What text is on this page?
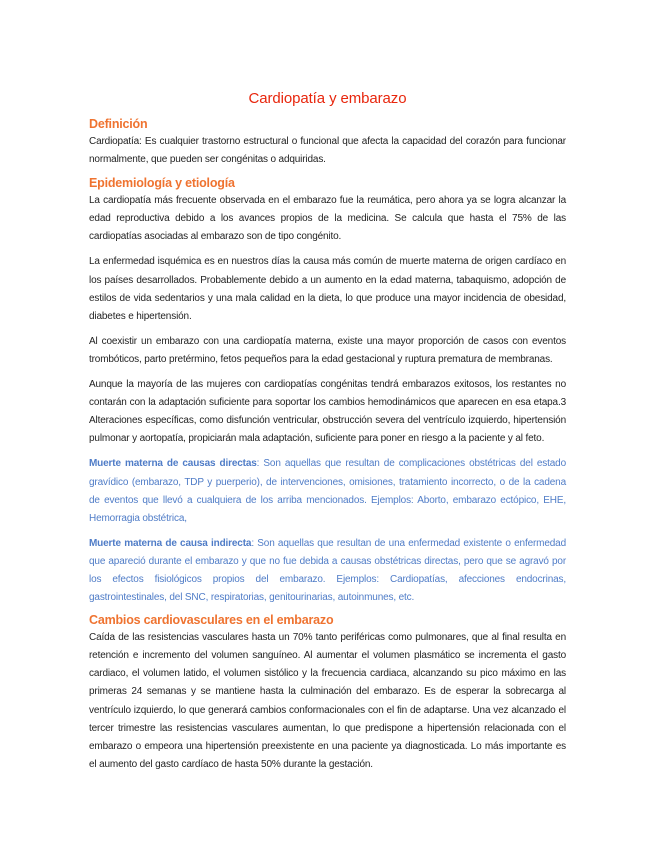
Cardiopatía y embarazo
Definición

Cardiopatía: Es cualquier trastorno estructural o funcional que afecta la capacidad del corazón para funcionar normalmente, que pueden ser congénitas o adquiridas.

Epidemiología y etiología

La cardiopatía más frecuente observada en el embarazo fue la reumática, pero ahora ya se logra alcanzar la edad reproductiva debido a los avances propios de la medicina. Se calcula que hasta el 75% de las cardiopatías asociadas al embarazo son de tipo congénito.

La enfermedad isquémica es en nuestros días la causa más común de muerte materna de origen cardíaco en los países desarrollados. Probablemente debido a un aumento en la edad materna, tabaquismo, adopción de estilos de vida sedentarios y una mala calidad en la dieta, lo que produce una mayor incidencia de obesidad, diabetes e hipertensión.

Al coexistir un embarazo con una cardiopatía materna, existe una mayor proporción de casos con eventos trombóticos, parto pretérmino, fetos pequeños para la edad gestacional y ruptura prematura de membranas.

Aunque la mayoría de las mujeres con cardiopatías congénitas tendrá embarazos exitosos, los restantes no contarán con la adaptación suficiente para soportar los cambios hemodinámicos que aparecen en esa etapa.3 Alteraciones específicas, como disfunción ventricular, obstrucción severa del ventrículo izquierdo, hipertensión pulmonar y aortopatía, propiciarán mala adaptación, suficiente para poner en riesgo a la paciente y al feto.

Muerte materna de causas directas: Son aquellas que resultan de complicaciones obstétricas del estado gravídico (embarazo, TDP y puerperio), de intervenciones, omisiones, tratamiento incorrecto, o de la cadena de eventos que llevó a cualquiera de los arriba mencionados. Ejemplos: Aborto, embarazo ectópico, EHE, Hemorragia obstétrica,

Muerte materna de causa indirecta: Son aquellas que resultan de una enfermedad existente o enfermedad que apareció durante el embarazo y que no fue debida a causas obstétricas directas, pero que se agravó por los efectos fisiológicos propios del embarazo. Ejemplos: Cardiopatías, afecciones endocrinas, gastrointestinales, del SNC, respiratorias, genitourinarias, autoinmunes, etc.

Cambios cardiovasculares en el embarazo

Caída de las resistencias vasculares hasta un 70% tanto periféricas como pulmonares, que al final resulta en retención e incremento del volumen sanguíneo. Al aumentar el volumen plasmático se incrementa el gasto cardiaco, el volumen latido, el volumen sistólico y la frecuencia cardiaca, alcanzando su pico máximo en las primeras 24 semanas y se mantiene hasta la culminación del embarazo. Es de esperar la sobrecarga al ventrículo izquierdo, lo que generará cambios conformacionales con el fin de adaptarse. Una vez alcanzado el tercer trimestre las resistencias vasculares aumentan, lo que predispone a hipertensión relacionada con el embarazo o empeora una hipertensión preexistente en una paciente ya diagnosticada. Lo más importante es el aumento del gasto cardíaco de hasta 50% durante la gestación.
